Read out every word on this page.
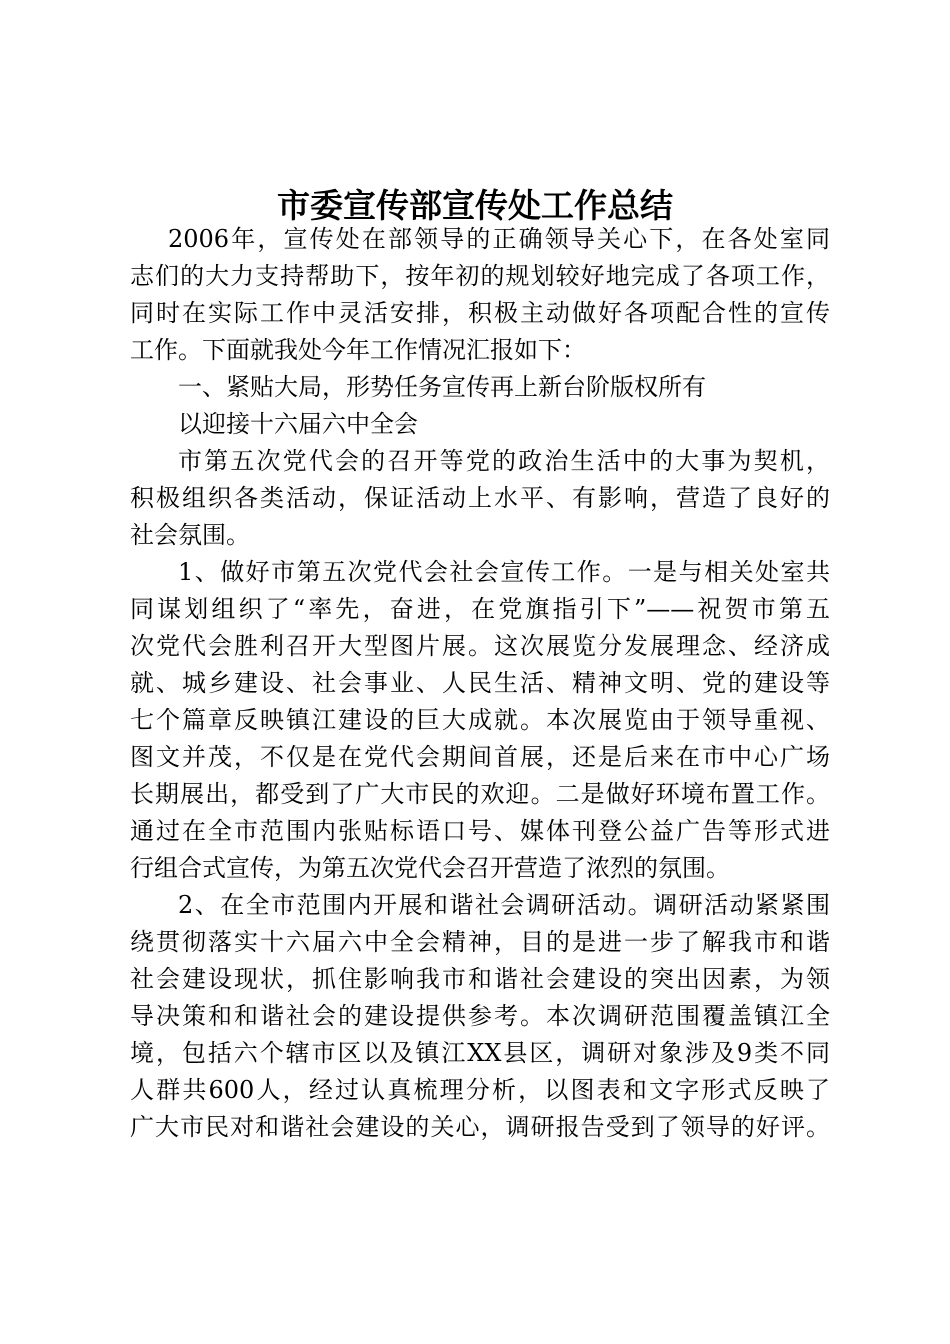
市委宣传部宣传处工作总结
2006年，宣传处在部领导的正确领导关心下，在各处室同
志们的大力支持帮助下，按年初的规划较好地完成了各项工作，
同时在实际工作中灵活安排，积极主动做好各项配合性的宣传
工作。下面就我处今年工作情况汇报如下：
一、紧贴大局，形势任务宣传再上新台阶版权所有
以迎接十六届六中全会
市第五次党代会的召开等党的政治生活中的大事为契机，
积极组织各类活动，保证活动上水平、有影响，营造了良好的
社会氛围。
1、做好市第五次党代会社会宣传工作。一是与相关处室共
同谋划组织了“率先，奋进，在党旗指引下”——祝贺市第五
次党代会胜利召开大型图片展。这次展览分发展理念、经济成
就、城乡建设、社会事业、人民生活、精神文明、党的建设等
七个篇章反映镇江建设的巨大成就。本次展览由于领导重视、
图文并茂，不仅是在党代会期间首展，还是后来在市中心广场
长期展出，都受到了广大市民的欢迎。二是做好环境布置工作。
通过在全市范围内张贴标语口号、媒体刊登公益广告等形式进
行组合式宣传，为第五次党代会召开营造了浓烈的氛围。
2、在全市范围内开展和谐社会调研活动。调研活动紧紧围
绕贯彻落实十六届六中全会精神，目的是进一步了解我市和谐
社会建设现状，抓住影响我市和谐社会建设的突出因素，为领
导决策和和谐社会的建设提供参考。本次调研范围覆盖镇江全
境，包括六个辖市区以及镇江XX县区，调研对象涉及9类不同
人群共600人，经过认真梳理分析，以图表和文字形式反映了
广大市民对和谐社会建设的关心，调研报告受到了领导的好评。
